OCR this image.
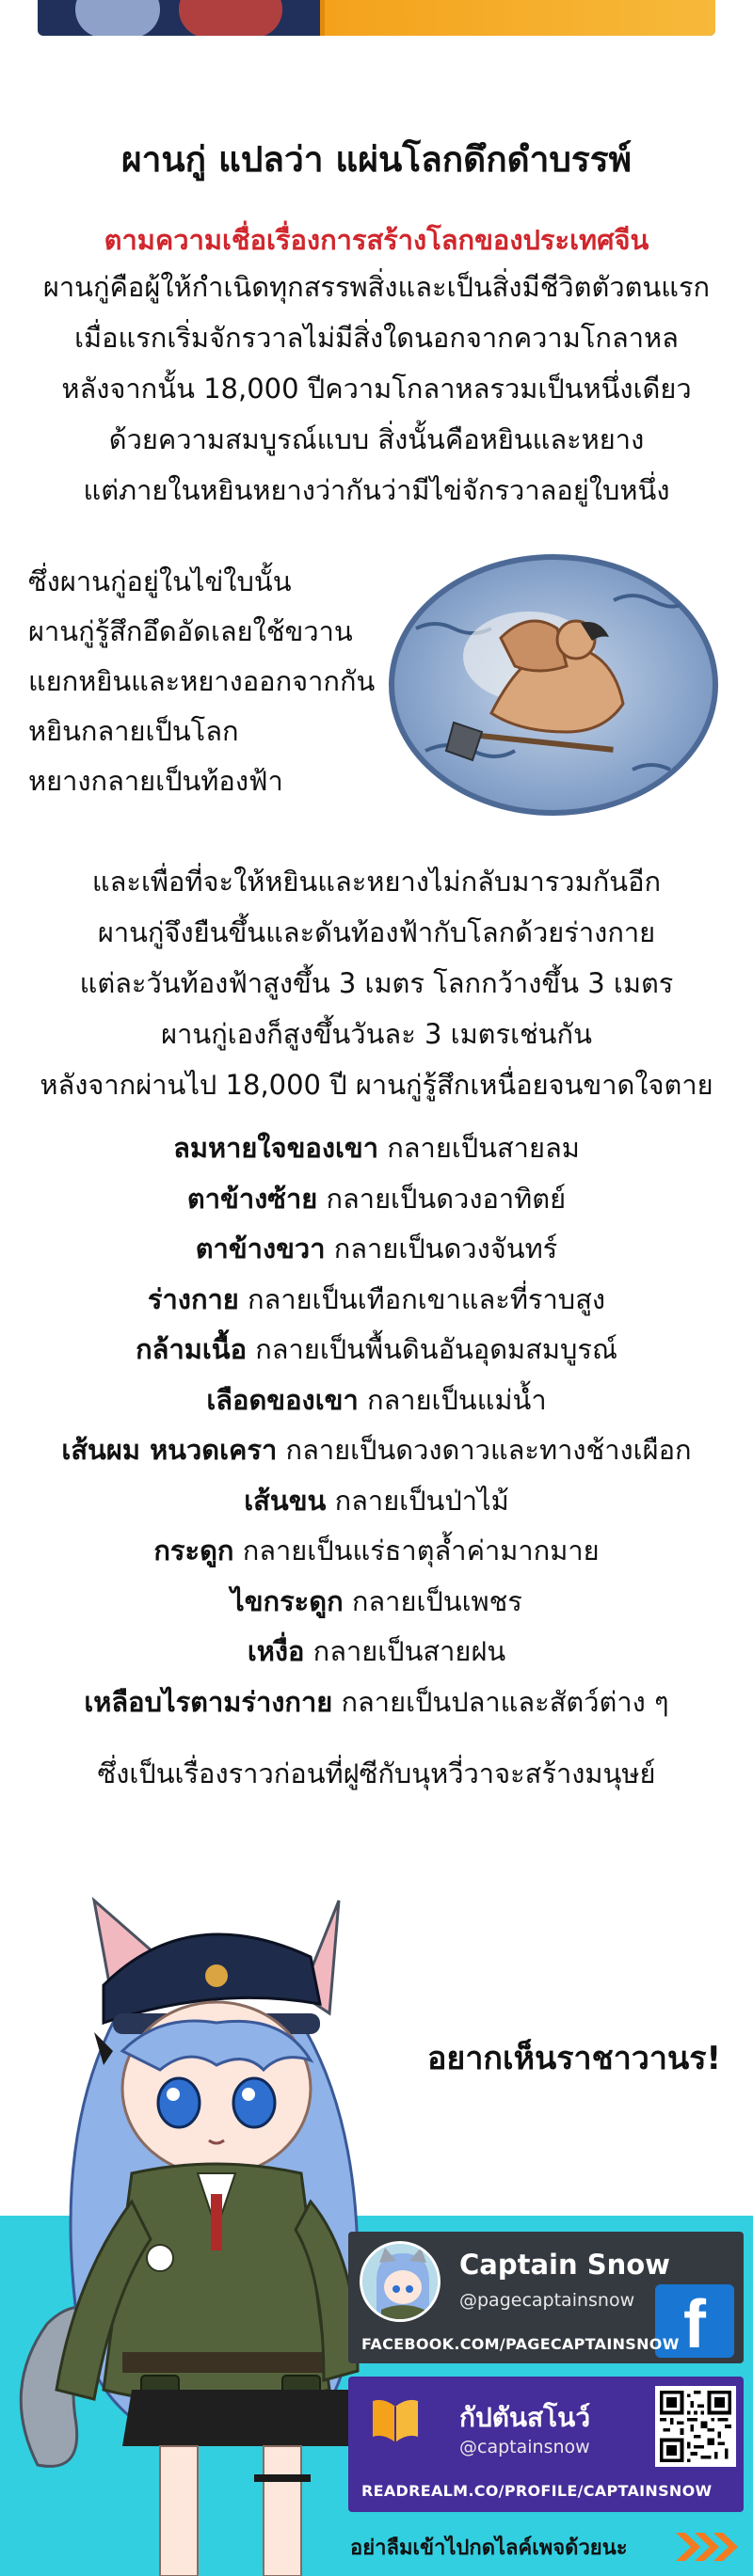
ผานกู่ แปลว่า แผ่นโลกดึกดำบรรพ์
ตามความเชื่อเรื่องการสร้างโลกของประเทศจีน
ผานกู่คือผู้ให้กำเนิดทุกสรรพสิ่งและเป็นสิ่งมีชีวิตตัวตนแรก
เมื่อแรกเริ่มจักรวาลไม่มีสิ่งใดนอกจากความโกลาหล
หลังจากนั้น 18,000 ปีความโกลาหลรวมเป็นหนึ่งเดียว
ด้วยความสมบูรณ์แบบ สิ่งนั้นคือหยินและหยาง
แต่ภายในหยินหยางว่ากันว่ามีไข่จักรวาลอยู่ใบหนึ่ง
ซึ่งผานกู่อยู่ในไข่ใบนั้น
ผานกู่รู้สึกอึดอัดเลยใช้ขวาน
แยกหยินและหยางออกจากกัน
หยินกลายเป็นโลก
หยางกลายเป็นท้องฟ้า
และเพื่อที่จะให้หยินและหยางไม่กลับมารวมกันอีก
ผานกู่จึงยืนขึ้นและดันท้องฟ้ากับโลกด้วยร่างกาย
แต่ละวันท้องฟ้าสูงขึ้น 3 เมตร โลกกว้างขึ้น 3 เมตร
ผานกู่เองก็สูงขึ้นวันละ 3 เมตรเช่นกัน
หลังจากผ่านไป 18,000 ปี ผานกู่รู้สึกเหนื่อยจนขาดใจตาย
ลมหายใจของเขา กลายเป็นสายลม
ตาข้างซ้าย กลายเป็นดวงอาทิตย์
ตาข้างขวา กลายเป็นดวงจันทร์
ร่างกาย กลายเป็นเทือกเขาและที่ราบสูง
กล้ามเนื้อ กลายเป็นพื้นดินอันอุดมสมบูรณ์
เลือดของเขา กลายเป็นแม่น้ำ
เส้นผม หนวดเครา กลายเป็นดวงดาวและทางช้างเผือก
เส้นขน กลายเป็นป่าไม้
กระดูก กลายเป็นแร่ธาตุล้ำค่ามากมาย
ไขกระดูก กลายเป็นเพชร
เหงื่อ กลายเป็นสายฝน
เหลือบไรตามร่างกาย กลายเป็นปลาและสัตว์ต่าง ๆ
ซึ่งเป็นเรื่องราวก่อนที่ฝูซีกับนุหวี่วาจะสร้างมนุษย์
อยากเห็นราชาวานร!
Captain Snow
@pagecaptainsnow f
FACEBOOK.COM/PAGECAPTAINSNOW
กัปตันสโนว์
@captainsnow
READREALM.CO/PROFILE/CAPTAINSNOW
อย่าลืมเข้าไปกดไลค์เพจด้วยนะ
